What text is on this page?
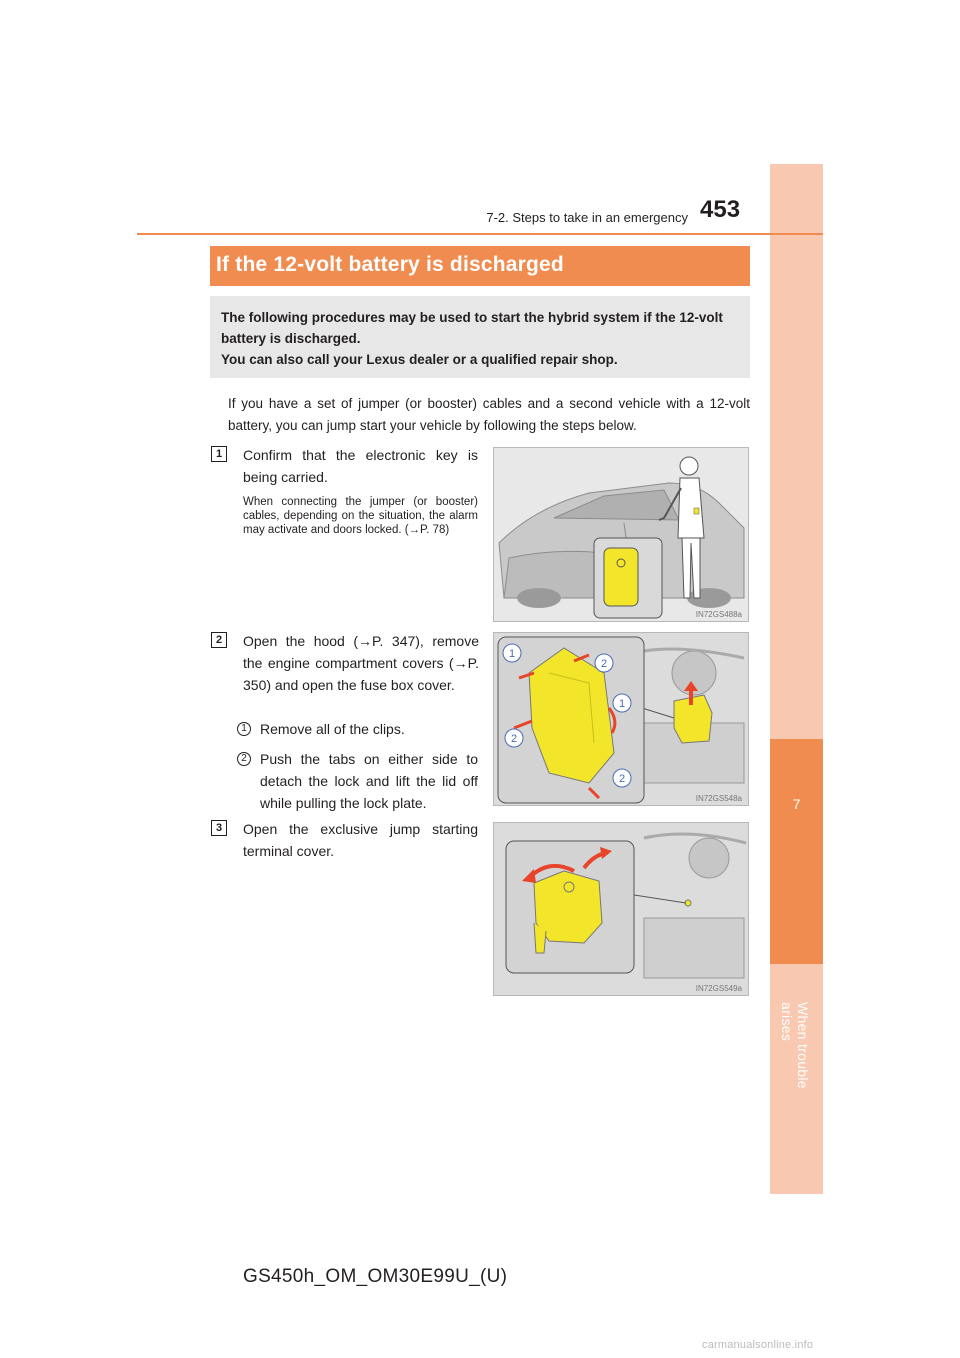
7
When trouble arises
7-2. Steps to take in an emergency 453
If the 12-volt battery is discharged

The following procedures may be used to start the hybrid system if the 12-volt battery is discharged.

You can also call your Lexus dealer or a qualified repair shop.

If you have a set of jumper (or booster) cables and a second vehicle with a 12-volt battery, you can jump start your vehicle by following the steps below.
1	Confirm that the electronic key is being carried.
When connecting the jumper (or booster) cables, depending on the situation, the alarm may activate and doors locked. (→P. 78)
IN72GS488a
2	Open the hood (→P. 347), remove the engine compartment covers (→P. 350) and open the fuse box cover.
1 Remove all of the clips.
2 Push the tabs on either side to detach the lock and lift the lid off while pulling the lock plate.
1
2
1
2
2
IN72GS548a
3	Open the exclusive jump starting terminal cover.
IN72GS549a
GS450h_OM_OM30E99U_(U)
carmanualsonline.info
